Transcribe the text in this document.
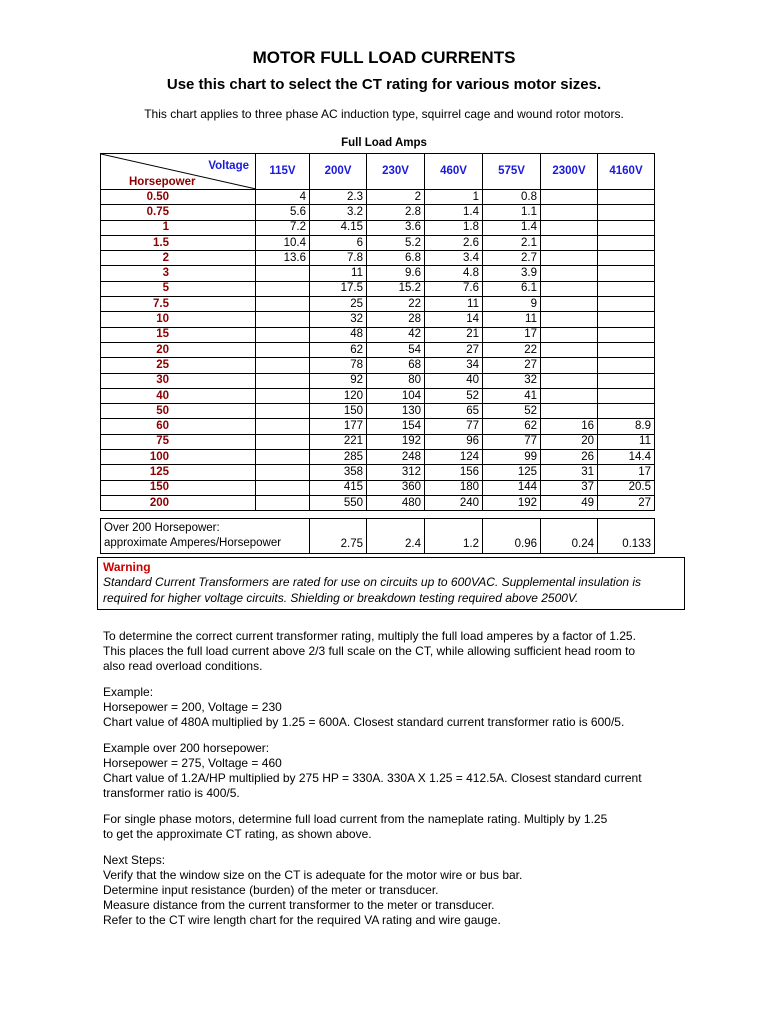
MOTOR FULL LOAD CURRENTS
Use this chart to select the CT rating for various motor sizes.
This chart applies to three phase AC induction type, squirrel cage and wound rotor motors.
Full Load Amps
Voltage
Horsepower	115V	200V	230V	460V	575V	2300V	4160V
0.50	4	2.3	2	1	0.8		
0.75	5.6	3.2	2.8	1.4	1.1		
1	7.2	4.15	3.6	1.8	1.4		
1.5	10.4	6	5.2	2.6	2.1		
2	13.6	7.8	6.8	3.4	2.7		
3		11	9.6	4.8	3.9		
5		17.5	15.2	7.6	6.1		
7.5		25	22	11	9		
10		32	28	14	11		
15		48	42	21	17		
20		62	54	27	22		
25		78	68	34	27		
30		92	80	40	32		
40		120	104	52	41		
50		150	130	65	52		
60		177	154	77	62	16	8.9
75		221	192	96	77	20	11
100		285	248	124	99	26	14.4
125		358	312	156	125	31	17
150		415	360	180	144	37	20.5
200		550	480	240	192	49	27
Over 200 Horsepower:
approximate Amperes/Horsepower	2.75	2.4	1.2	0.96	0.24	0.133
Warning
Standard Current Transformers are rated for use on circuits up to 600VAC. Supplemental insulation is
required for higher voltage circuits. Shielding or breakdown testing required above 2500V.

To determine the correct current transformer rating, multiply the full load amperes by a factor of 1.25.
This places the full load current above 2/3 full scale on the CT, while allowing sufficient head room to
also read overload conditions.

Example:
Horsepower = 200, Voltage = 230
Chart value of 480A multiplied by 1.25 = 600A. Closest standard current transformer ratio is 600/5.

Example over 200 horsepower:
Horsepower = 275, Voltage = 460
Chart value of 1.2A/HP multiplied by 275 HP = 330A. 330A X 1.25 = 412.5A. Closest standard current
transformer ratio is 400/5.

For single phase motors, determine full load current from the nameplate rating. Multiply by 1.25
to get the approximate CT rating, as shown above.

Next Steps:
Verify that the window size on the CT is adequate for the motor wire or bus bar.
Determine input resistance (burden) of the meter or transducer.
Measure distance from the current transformer to the meter or transducer.
Refer to the CT wire length chart for the required VA rating and wire gauge.
